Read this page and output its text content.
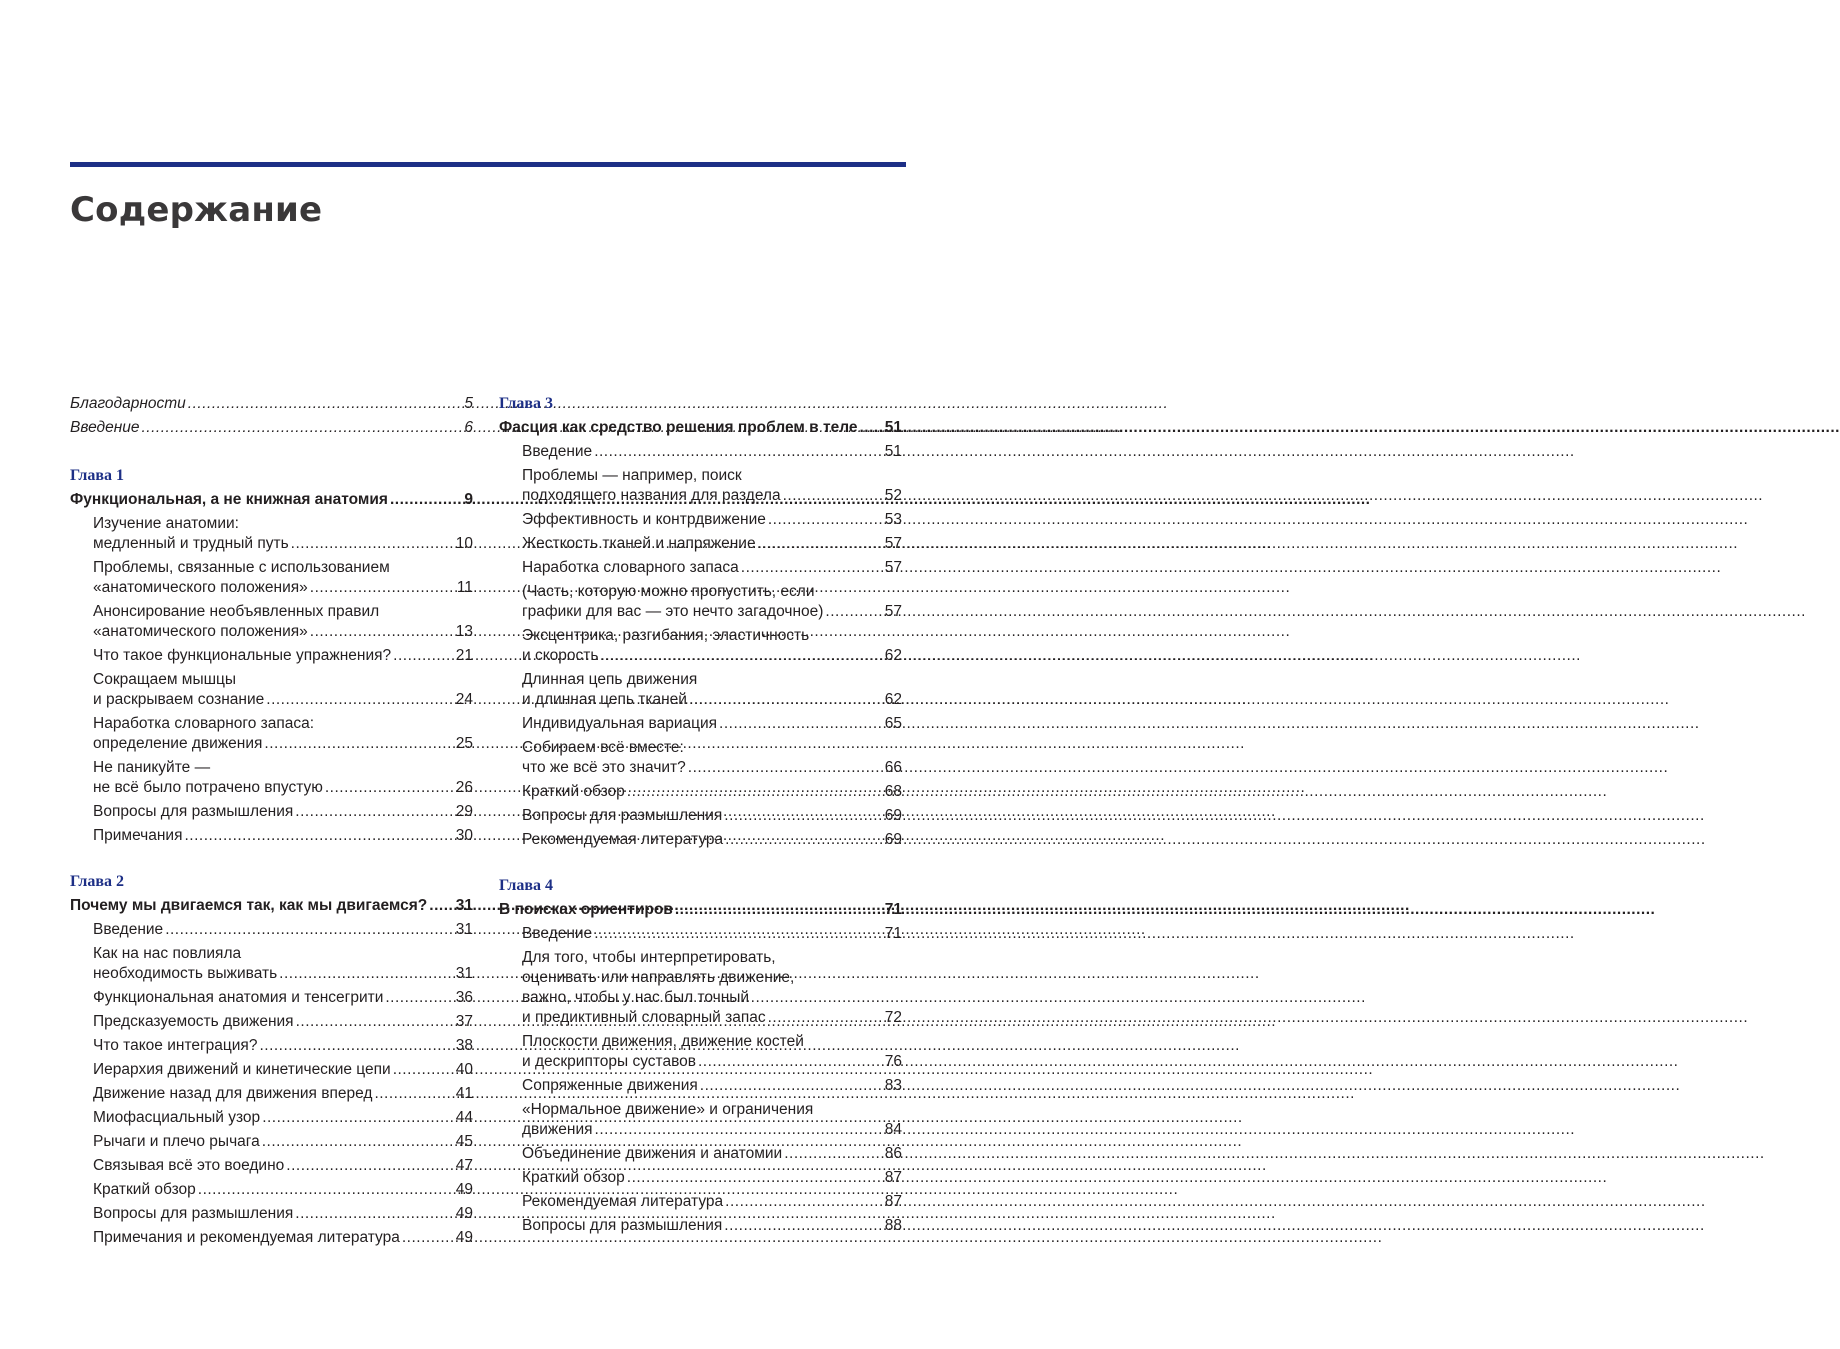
Содержание
Благодарности .....	5
Введение .....	6
Глава 1
Функциональная, а не книжная анатомия .....	9
Изучение анатомии:
медленный и трудный путь .....	10
Проблемы, связанные с использованием
«анатомического положения» .....	11
Анонсирование необъявленных правил
«анатомического положения» .....	13
Что такое функциональные упражнения? .....	21
Сокращаем мышцы
и раскрываем сознание .....	24
Наработка словарного запаса:
определение движения .....	25
Не паникуйте —
не всё было потрачено впустую .....	26
Вопросы для размышления .....	29
Примечания .....	30
Глава 2
Почему мы двигаемся так, как мы двигаемся? ..... 31
Введение .....	31
Как на нас повлияла
необходимость выживать .....	31
Функциональная анатомия и тенсегрити .....	36
Предсказуемость движения .....	37
Что такое интеграция? .....	38
Иерархия движений и кинетические цепи .....	40
Движение назад для движения вперед .....	41
Миофасциальный узор .....	44
Рычаги и плечо рычага .....	45
Связывая всё это воедино .....	47
Краткий обзор .....	49
Вопросы для размышления .....	49
Примечания и рекомендуемая литература .....	49
Глава 3
Фасция как средство решения проблем в теле ..... 51
Введение .....	51
Проблемы — например, поиск
подходящего названия для раздела .....	52
Эффективность и контрдвижение .....	53
Жесткость тканей и напряжение .....	57
Наработка словарного запаса .....	57
(Часть, которую можно пропустить, если
графики для вас — это нечто загадочное) .....	57
Эксцентрика, разгибания, эластичность
и скорость .....	62
Длинная цепь движения
и длинная цепь тканей .....	62
Индивидуальная вариация .....	65
Собираем всё вместе:
что же всё это значит? .....	66
Краткий обзор .....	68
Вопросы для размышления .....	69
Рекомендуемая литература .....	69
Глава 4
В поисках ориентиров .....	71
Введение .....	71
Для того, чтобы интерпретировать,
оценивать или направлять движение,
важно, чтобы у нас был точный
и предиктивный словарный запас .....	72
Плоскости движения, движение костей
и дескрипторы суставов .....	76
Сопряженные движения .....	83
«Нормальное движение» и ограничения
движения .....	84
Объединение движения и анатомии .....	86
Краткий обзор .....	87
Рекомендуемая литература .....	87
Вопросы для размышления .....	88
